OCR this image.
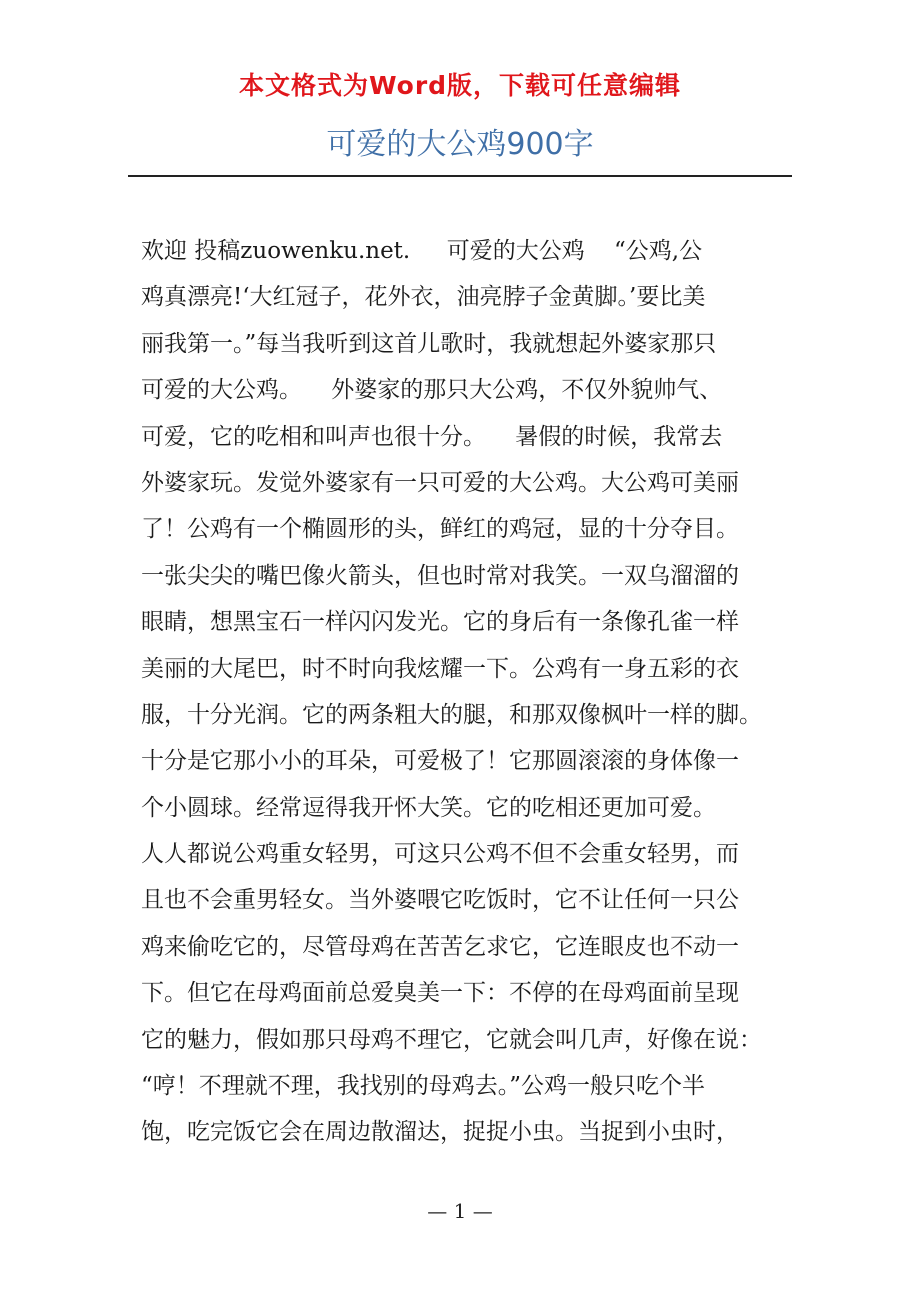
本文格式为Word版，下载可任意编辑
可爱的大公鸡900字
欢迎 投稿zuowenku.net.     可爱的大公鸡    “公鸡,公
鸡真漂亮!‘大红冠子，花外衣，油亮脖子金黄脚。’要比美
丽我第一。”每当我听到这首儿歌时，我就想起外婆家那只
可爱的大公鸡。    外婆家的那只大公鸡，不仅外貌帅气、
可爱，它的吃相和叫声也很十分。    暑假的时候，我常去
外婆家玩。发觉外婆家有一只可爱的大公鸡。大公鸡可美丽
了！公鸡有一个椭圆形的头，鲜红的鸡冠，显的十分夺目。
一张尖尖的嘴巴像火箭头，但也时常对我笑。一双乌溜溜的
眼睛，想黑宝石一样闪闪发光。它的身后有一条像孔雀一样
美丽的大尾巴，时不时向我炫耀一下。公鸡有一身五彩的衣
服，十分光润。它的两条粗大的腿，和那双像枫叶一样的脚。
十分是它那小小的耳朵，可爱极了！它那圆滚滚的身体像一
个小圆球。经常逗得我开怀大笑。它的吃相还更加可爱。
人人都说公鸡重女轻男，可这只公鸡不但不会重女轻男，而
且也不会重男轻女。当外婆喂它吃饭时，它不让任何一只公
鸡来偷吃它的，尽管母鸡在苦苦乞求它，它连眼皮也不动一
下。但它在母鸡面前总爱臭美一下：不停的在母鸡面前呈现
它的魅力，假如那只母鸡不理它，它就会叫几声，好像在说：
“哼！不理就不理，我找别的母鸡去。”公鸡一般只吃个半
饱，吃完饭它会在周边散溜达，捉捉小虫。当捉到小虫时，
— 1 —
